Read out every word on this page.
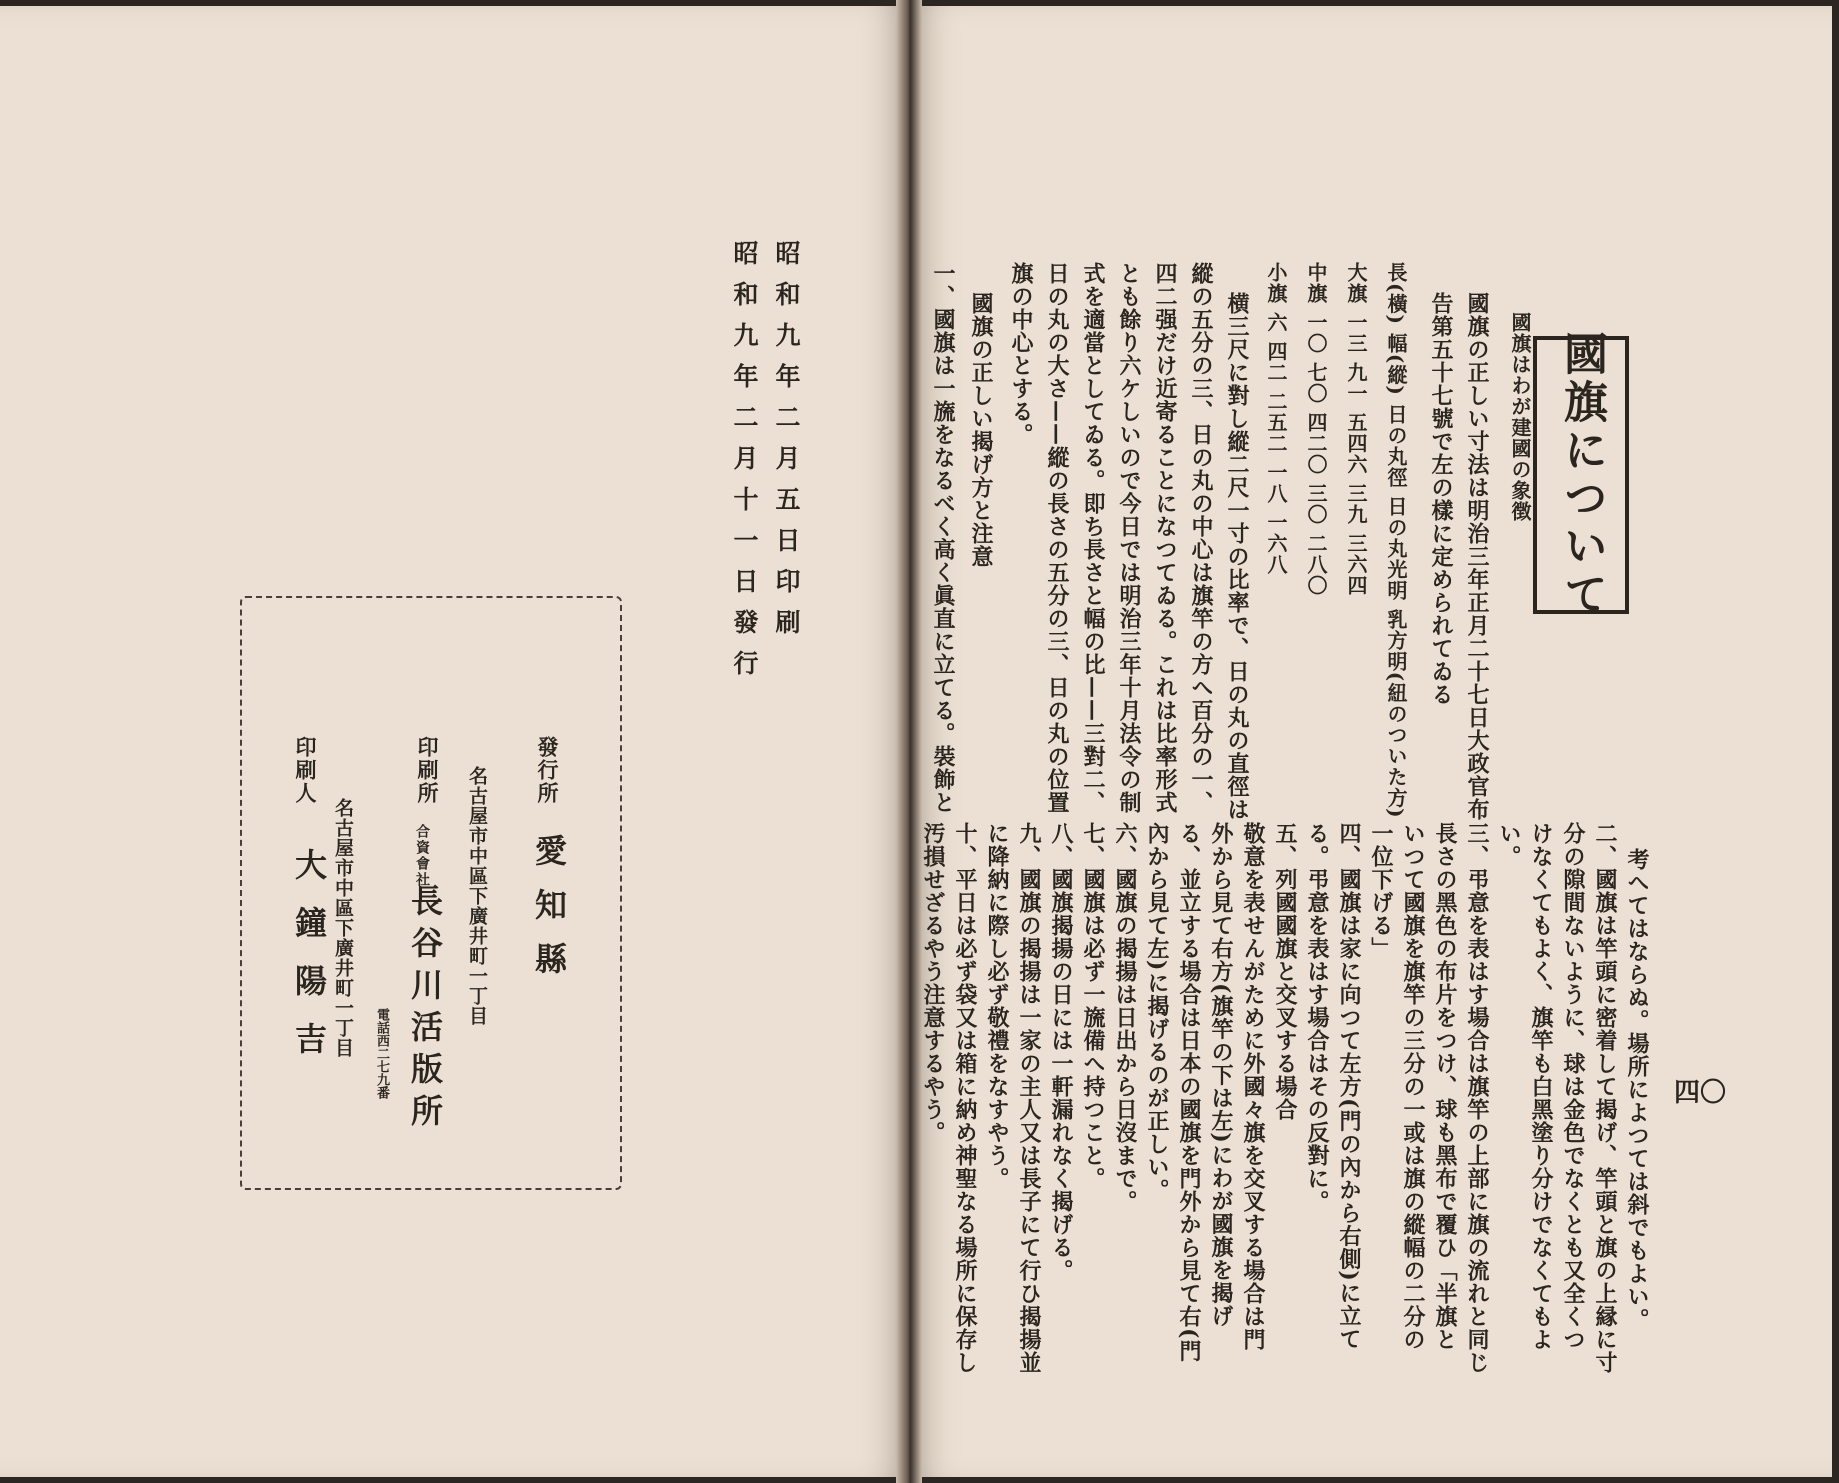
昭和九年二月五日印刷

昭和九年二月十一日發行

發行所

愛知縣

名古屋市中區下廣井町一丁目

印刷所

合資會社

長谷川活版所

電話西二七九番

印刷人

大鐘陽吉 名古屋市中區下廣井町一丁目

國旗について

國旗はわが建國の象徴

國旗の正しい寸法は明治三年正月二十七日大政官布

告第五十七號で左の樣に定められてゐる

長(橫) 幅(縱) 日の丸徑 日の丸光明 乳方明(紐のついた方)

大旗 一三 九一 五四六 三九 三六四

中旗 一〇 七〇 四二〇 三〇 二八〇

小旗 六 四二 二五二 一八 一六八

横三尺に對し縱二尺一寸の比率で、日の丸の直徑は

縱の五分の三、日の丸の中心は旗竿の方へ百分の一、

四二强だけ近寄ることになつてゐる。これは比率形式

とも餘り六ケしいので今日では明治三年十月法令の制

式を適當としてゐる。即ち長さと幅の比——三對二、

日の丸の大さ——縱の長さの五分の三、日の丸の位置

旗の中心とする。

國旗の正しい揭げ方と注意

一、國旗は一旒をなるべく高く眞直に立てる。裝飾と

考へてはならぬ。場所によつては斜でもよい。

二、國旗は竿頭に密着して揭げ、竿頭と旗の上縁に寸

分の隙間ないように、球は金色でなくとも又全くつ

けなくてもよく、旗竿も白黑塗り分けでなくてもよ

い。

三、弔意を表はす場合は旗竿の上部に旗の流れと同じ

長さの黑色の布片をつけ、球も黑布で覆ひ「半旗と

いつて國旗を旗竿の三分の一或は旗の縱幅の二分の

一位下げる」

四、國旗は家に向つて左方(門の內から右側)に立て

る。弔意を表はす場合はその反對に。

五、列國國旗と交叉する場合

敬意を表せんがために外國々旗を交叉する場合は門

外から見て右方(旗竿の下は左)にわが國旗を揭げ

る、並立する場合は日本の國旗を門外から見て右(門

內から見て左)に揭げるのが正しい。

六、國旗の揭揚は日出から日沒まで。

七、國旗は必ず一旒備へ持つこと。

八、國旗揭揚の日には一軒漏れなく揭げる。

九、國旗の揭揚は一家の主人又は長子にて行ひ揭揚並

に降納に際し必ず敬禮をなすやう。

十、平日は必ず袋又は箱に納め神聖なる場所に保存し

汚損せざるやう注意するやう。	四〇
